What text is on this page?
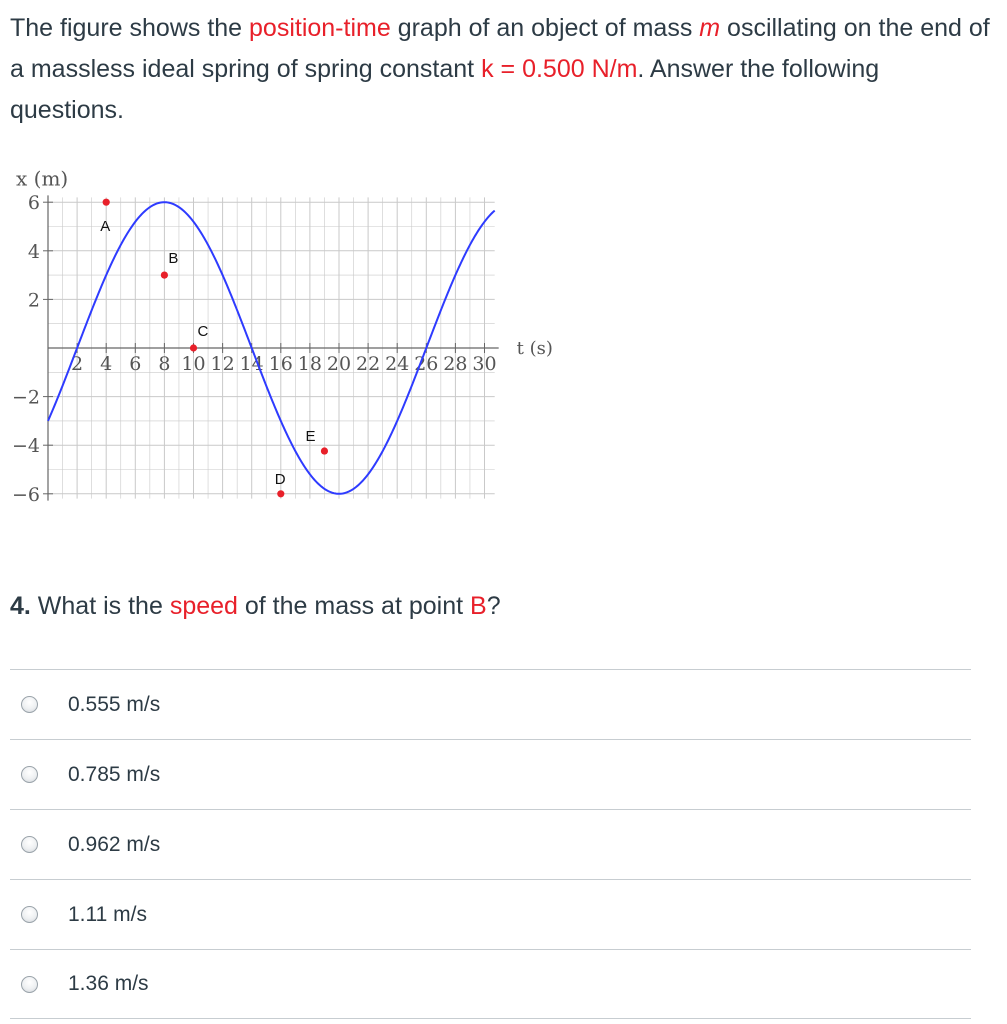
The figure shows the position-time graph of an object of mass m oscillating on the end of a massless ideal spring of spring constant k = 0.500 N/m. Answer the following questions.
2 4 6 8 10 12 14 16 18 20 22 24 26 28 30
−6
−4
−2
2
4
6
x (m)
t (s)
A
B
C
D
E
4. What is the speed of the mass at point B?
0.555 m/s
0.785 m/s
0.962 m/s
1.11 m/s
1.36 m/s
